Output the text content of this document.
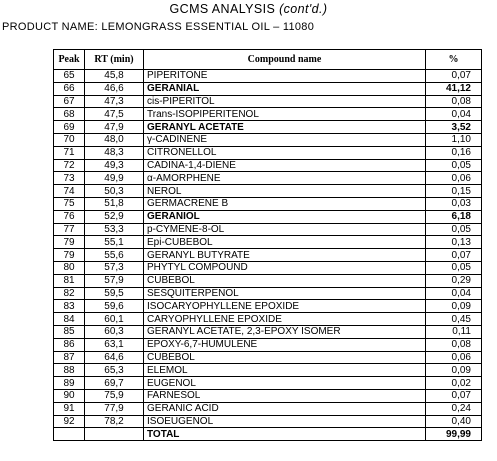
GCMS ANALYSIS (cont'd.)
PRODUCT NAME: LEMONGRASS ESSENTIAL OIL – 11080
Peak	RT (min)	Compound name	%
65	45,8	PIPERITONE	0,07
66	46,6	GERANIAL	41,12
67	47,3	cis-PIPERITOL	0,08
68	47,5	Trans-ISOPIPERITENOL	0,04
69	47,9	GERANYL ACETATE	3,52
70	48,0	γ-CADINENE	1,10
71	48,3	CITRONELLOL	0,16
72	49,3	CADINA-1,4-DIENE	0,05
73	49,9	α-AMORPHENE	0,06
74	50,3	NEROL	0,15
75	51,8	GERMACRENE B	0,03
76	52,9	GERANIOL	6,18
77	53,3	p-CYMENE-8-OL	0,05
79	55,1	Epi-CUBEBOL	0,13
79	55,6	GERANYL BUTYRATE	0,07
80	57,3	PHYTYL COMPOUND	0,05
81	57,9	CUBEBOL	0,29
82	59,5	SESQUITERPENOL	0,04
83	59,6	ISOCARYOPHYLLENE EPOXIDE	0,09
84	60,1	CARYOPHYLLENE EPOXIDE	0,45
85	60,3	GERANYL ACETATE, 2,3-EPOXY ISOMER	0,11
86	63,1	EPOXY-6,7-HUMULENE	0,08
87	64,6	CUBEBOL	0,06
88	65,3	ELEMOL	0,09
89	69,7	EUGENOL	0,02
90	75,9	FARNESOL	0,07
91	77,9	GERANIC ACID	0,24
92	78,2	ISOEUGENOL	0,40
		TOTAL	99,99
